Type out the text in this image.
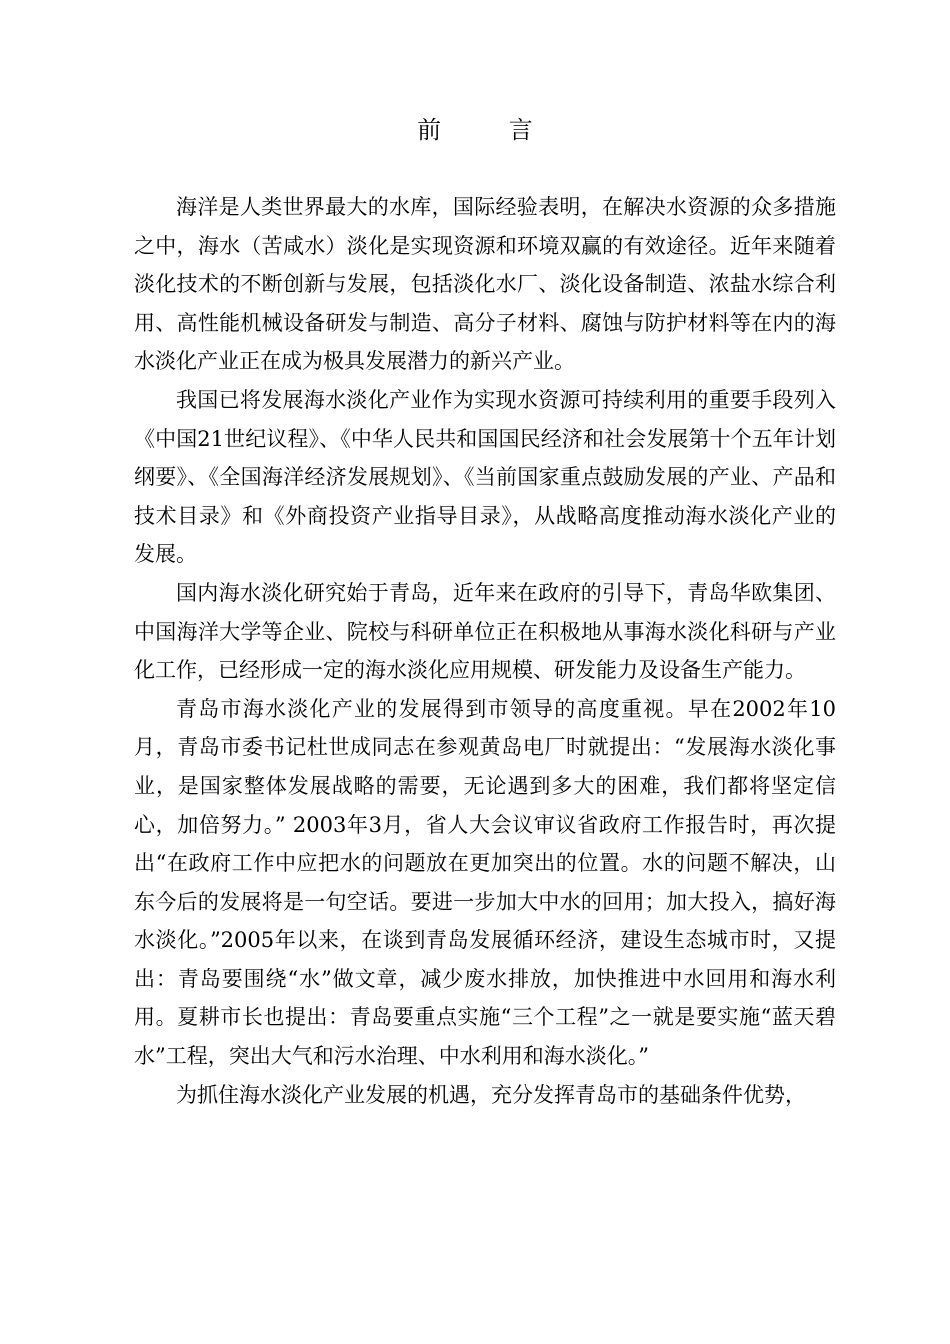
前 言

海洋是人类世界最大的水库，国际经验表明，在解决水资源的众多措施之中，海水（苦咸水）淡化是实现资源和环境双赢的有效途径。近年来随着淡化技术的不断创新与发展，包括淡化水厂、淡化设备制造、浓盐水综合利用、高性能机械设备研发与制造、高分子材料、腐蚀与防护材料等在内的海水淡化产业正在成为极具发展潜力的新兴产业。

我国已将发展海水淡化产业作为实现水资源可持续利用的重要手段列入《中国21世纪议程》、《中华人民共和国国民经济和社会发展第十个五年计划纲要》、《全国海洋经济发展规划》、《当前国家重点鼓励发展的产业、产品和技术目录》和《外商投资产业指导目录》，从战略高度推动海水淡化产业的发展。

国内海水淡化研究始于青岛，近年来在政府的引导下，青岛华欧集团、中国海洋大学等企业、院校与科研单位正在积极地从事海水淡化科研与产业化工作，已经形成一定的海水淡化应用规模、研发能力及设备生产能力。

青岛市海水淡化产业的发展得到市领导的高度重视。早在2002年10月，青岛市委书记杜世成同志在参观黄岛电厂时就提出：“发展海水淡化事业，是国家整体发展战略的需要，无论遇到多大的困难，我们都将坚定信心，加倍努力。” 2003年3月，省人大会议审议省政府工作报告时，再次提出“在政府工作中应把水的问题放在更加突出的位置。水的问题不解决，山东今后的发展将是一句空话。要进一步加大中水的回用；加大投入，搞好海水淡化。”2005年以来，在谈到青岛发展循环经济，建设生态城市时，又提出：青岛要围绕“水”做文章，减少废水排放，加快推进中水回用和海水利用。夏耕市长也提出：青岛要重点实施“三个工程”之一就是要实施“蓝天碧水”工程，突出大气和污水治理、中水利用和海水淡化。”

为抓住海水淡化产业发展的机遇，充分发挥青岛市的基础条件优势，
